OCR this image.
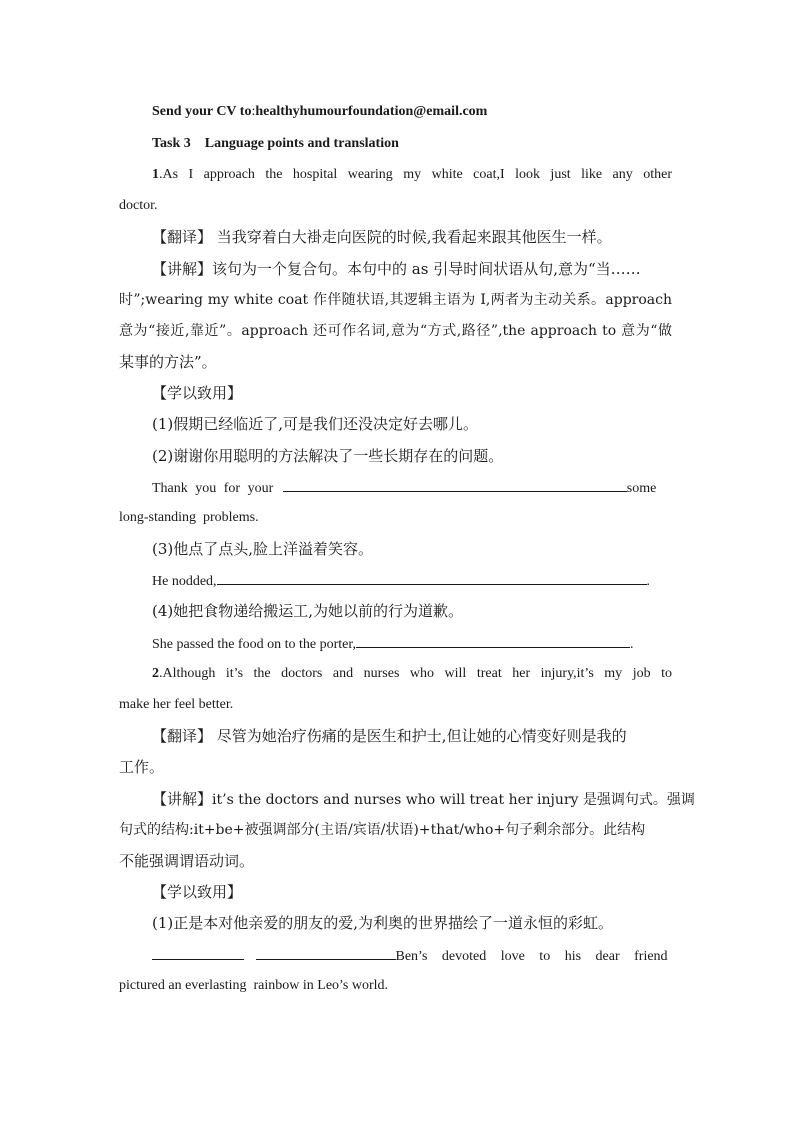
Send your CV to:healthyhumourfoundation@email.com
Task 3    Language points and translation
1.As I approach the hospital wearing my white coat,I look just like any other
doctor.
【翻译】 当我穿着白大褂走向医院的时候,我看起来跟其他医生一样。
【讲解】该句为一个复合句。本句中的 as 引导时间状语从句,意为“当……
时”;wearing my white coat 作伴随状语,其逻辑主语为 I,两者为主动关系。approach
意为“接近,靠近”。approach 还可作名词,意为“方式,路径”,the approach to 意为“做
某事的方法”。
【学以致用】
(1)假期已经临近了,可是我们还没决定好去哪儿。
(2)谢谢你用聪明的方法解决了一些长期存在的问题。
Thank you for your	some
long-standing  problems.
(3)他点了点头,脸上洋溢着笑容。
He nodded,	.
(4)她把食物递给搬运工,为她以前的行为道歉。
She passed the food on to the porter,	.
2.Although it’s the doctors and nurses who will treat her injury,it’s my job to
make her feel better.
【翻译】 尽管为她治疗伤痛的是医生和护士,但让她的心情变好则是我的
工作。
【讲解】it’s the doctors and nurses who will treat her injury 是强调句式。强调
句式的结构:it+be+被强调部分(主语/宾语/状语)+that/who+句子剩余部分。此结构
不能强调谓语动词。
【学以致用】
(1)正是本对他亲爱的朋友的爱,为利奥的世界描绘了一道永恒的彩虹。
Ben’s devoted love to his dear friend
pictured an everlasting  rainbow in Leo’s world.
